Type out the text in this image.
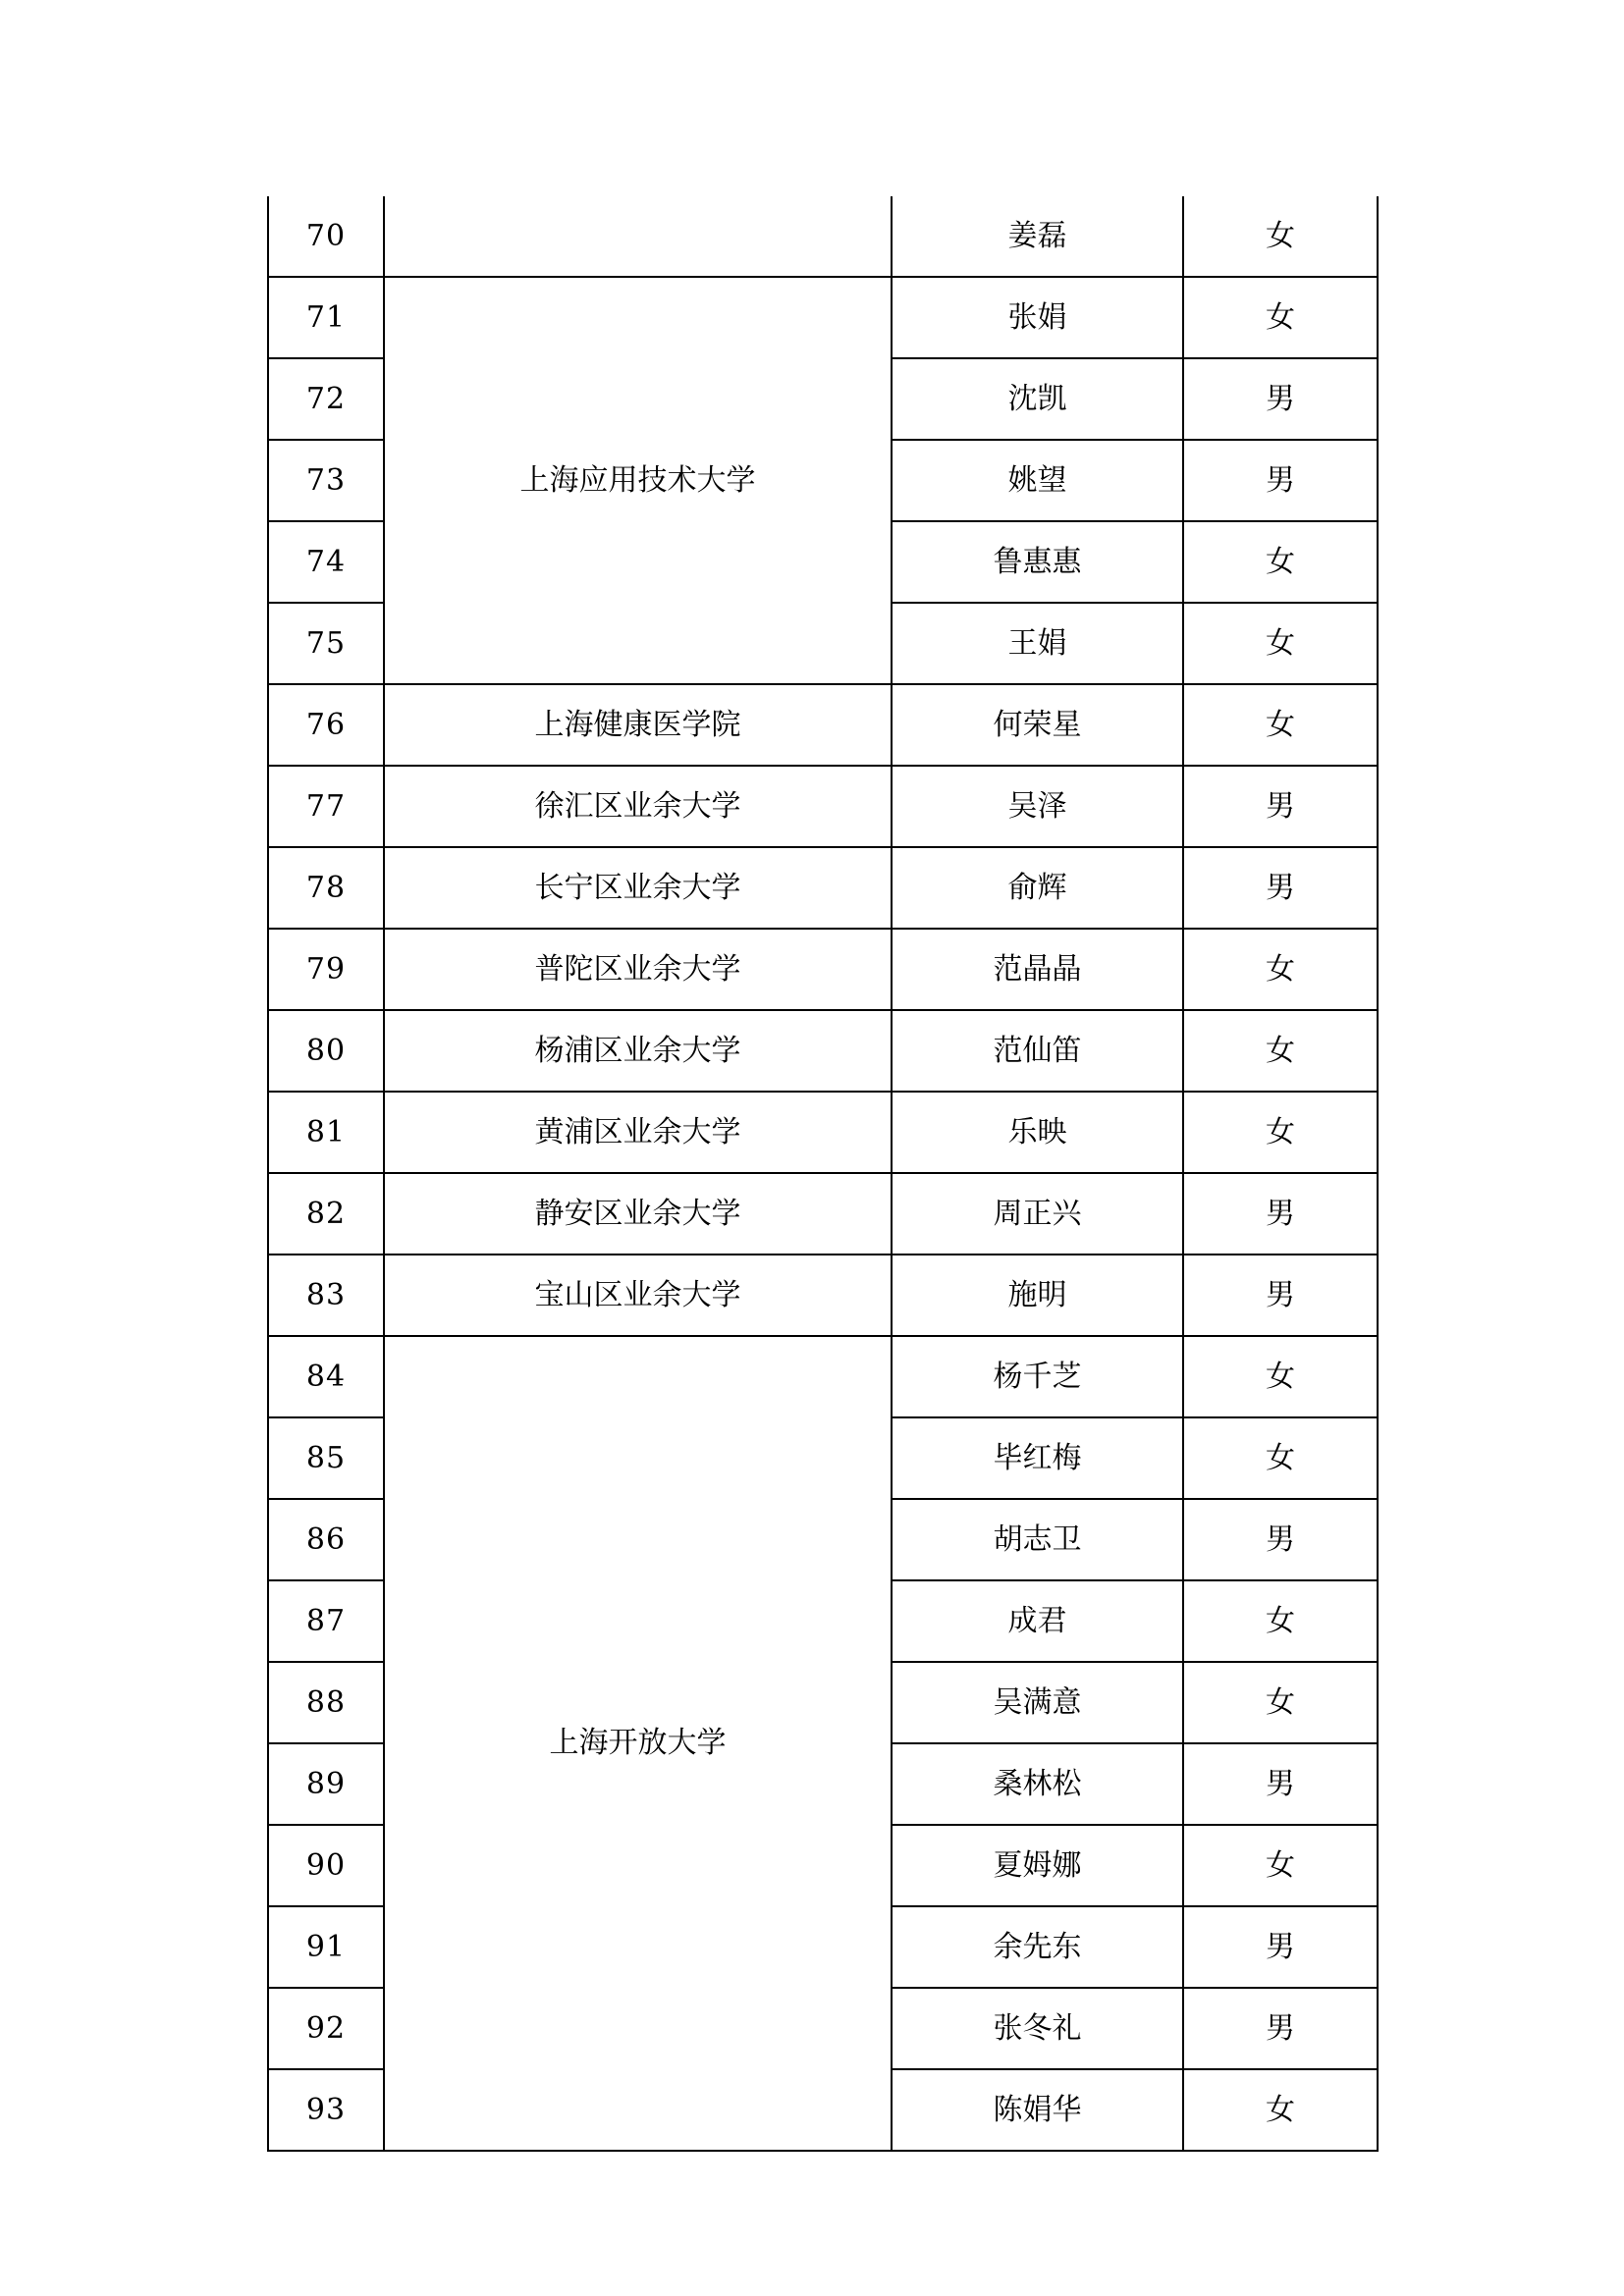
70		姜磊	女
71	上海应用技术大学	张娟	女
72		沈凯	男
73		姚望	男
74		鲁惠惠	女
75		王娟	女
76	上海健康医学院	何荣星	女
77	徐汇区业余大学	吴泽	男
78	长宁区业余大学	俞辉	男
79	普陀区业余大学	范晶晶	女
80	杨浦区业余大学	范仙笛	女
81	黄浦区业余大学	乐映	女
82	静安区业余大学	周正兴	男
83	宝山区业余大学	施明	男
84	上海开放大学	杨千芝	女
85		毕红梅	女
86		胡志卫	男
87		成君	女
88		吴满意	女
89		桑林松	男
90		夏姆娜	女
91		余先东	男
92		张冬礼	男
93		陈娟华	女
